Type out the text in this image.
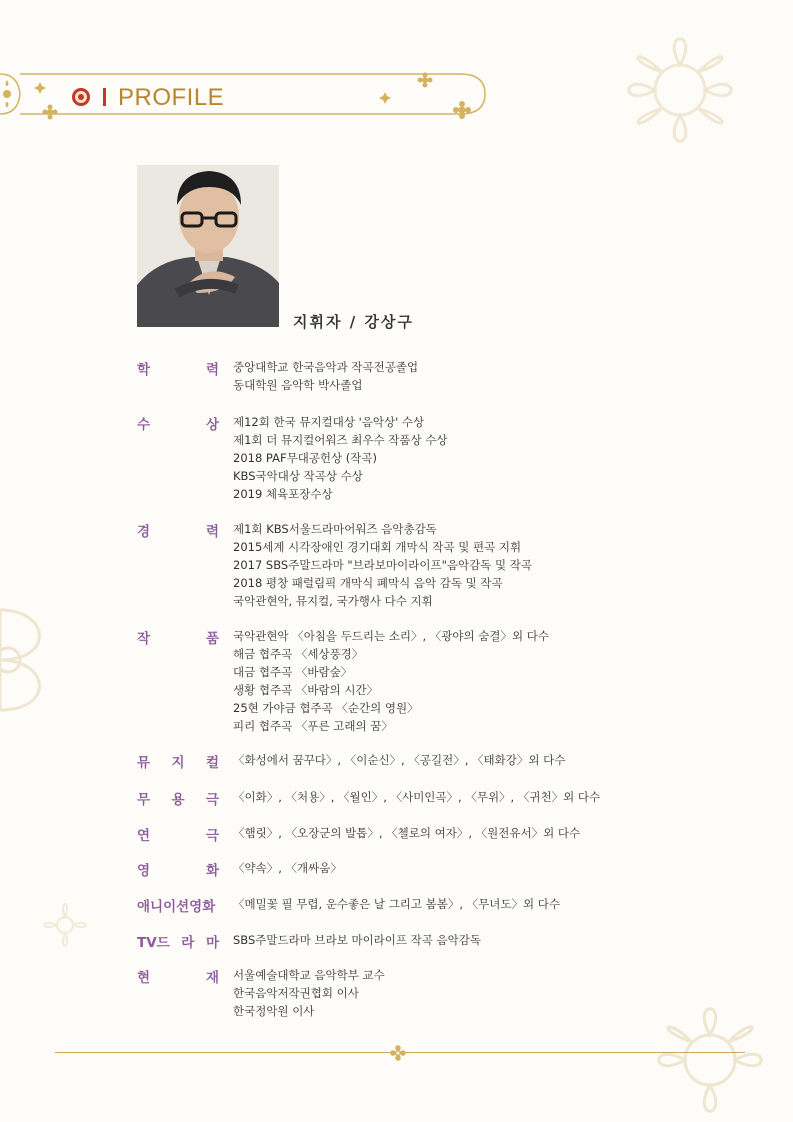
PROFILE
지휘자 / 강상구
학	력 중앙대학교 한국음악과 작곡전공졸업
동대학원 음악학 박사졸업
수	상 제12회 한국 뮤지컬대상 '음악상' 수상
제1회 더 뮤지컬어워즈 최우수 작품상 수상
2018 PAF무대공헌상 (작곡)
KBS국악대상 작곡상 수상
2019 체육포장수상
경	력 제1회 KBS서울드라마어워즈 음악총감독
2015세계 시각장애인 경기대회 개막식 작곡 및 편곡 지휘
2017 SBS주말드라마 "브라보마이라이프"음악감독 및 작곡
2018 평창 패럴림픽 개막식 폐막식 음악 감독 및 작곡
국악관현악, 뮤지컬, 국가행사 다수 지휘
작	품 국악관현악 〈아침을 두드리는 소리〉, 〈광야의 숨결〉외 다수
해금 협주곡 〈세상풍경〉
대금 협주곡 〈바람숲〉
생황 협주곡 〈바람의 시간〉
25현 가야금 협주곡 〈순간의 영원〉
피리 협주곡 〈푸른 고래의 꿈〉
뮤 지 컬 〈화성에서 꿈꾸다〉, 〈이순신〉, 〈공길전〉, 〈태화강〉외 다수
무 용 극 〈이화〉, 〈처용〉, 〈월인〉, 〈사미인곡〉, 〈무위〉, 〈귀천〉외 다수
연	극 〈햄릿〉, 〈오장군의 발톱〉, 〈첼로의 여자〉, 〈원전유서〉외 다수
영	화 〈약속〉, 〈개싸움〉
애니이션영화	〈메밀꽃 필 무렵, 운수좋은 날 그리고 봄봄〉, 〈무녀도〉외 다수
TV드 라 마 SBS주말드라마 브라보 마이라이프 작곡 음악감독
현	재 서울예술대학교 음악학부 교수
한국음악저작권협회 이사
한국정악원 이사
